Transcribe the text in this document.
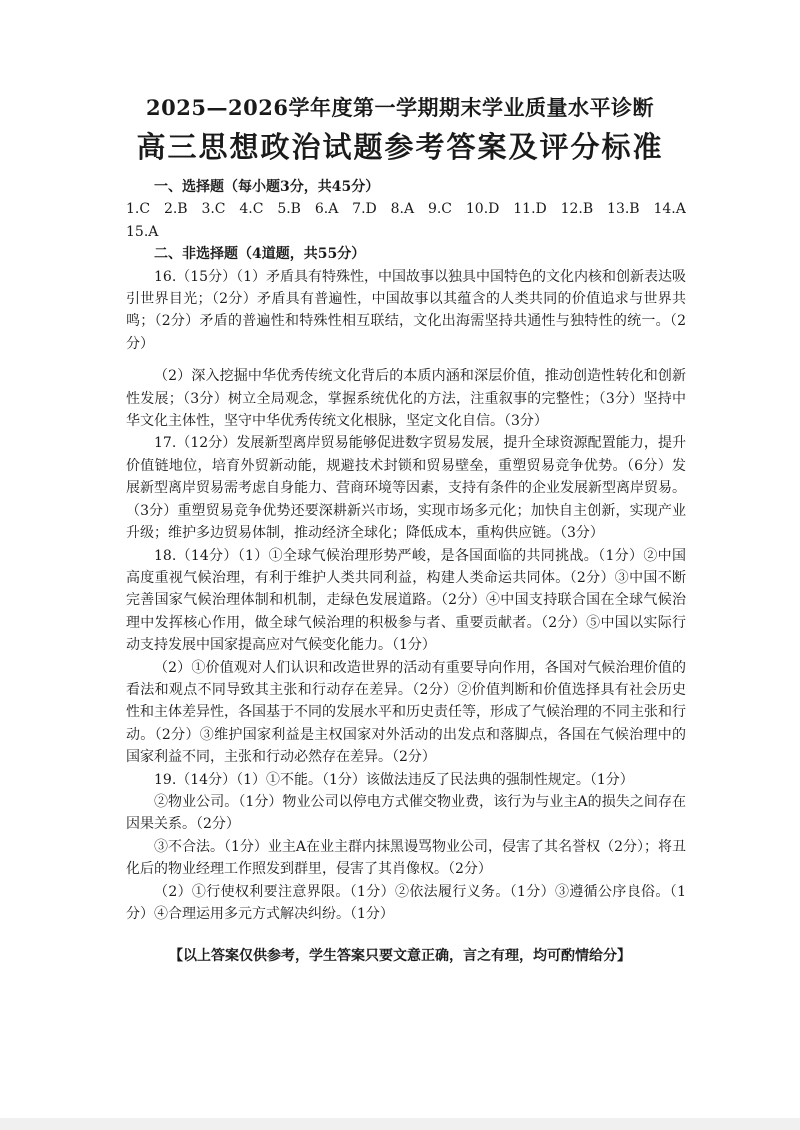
2025—2026学年度第一学期期末学业质量水平诊断
高三思想政治试题参考答案及评分标准

一、选择题（每小题3分，共45分）

1.C 2.B 3.C 4.C 5.B 6.A 7.D 8.A 9.C 10.D 11.D 12.B 13.B 14.A

15.A

二、非选择题（4道题，共55分）

16.（15分）（1）矛盾具有特殊性，中国故事以独具中国特色的文化内核和创新表达吸引世界目光；（2分）矛盾具有普遍性，中国故事以其蕴含的人类共同的价值追求与世界共鸣；（2分）矛盾的普遍性和特殊性相互联结，文化出海需坚持共通性与独特性的统一。（2分）

（2）深入挖掘中华优秀传统文化背后的本质内涵和深层价值，推动创造性转化和创新性发展；（3分）树立全局观念，掌握系统优化的方法，注重叙事的完整性；（3分）坚持中华文化主体性，坚守中华优秀传统文化根脉，坚定文化自信。（3分）

17.（12分）发展新型离岸贸易能够促进数字贸易发展，提升全球资源配置能力，提升价值链地位，培育外贸新动能，规避技术封锁和贸易壁垒，重塑贸易竞争优势。（6分）发展新型离岸贸易需考虑自身能力、营商环境等因素，支持有条件的企业发展新型离岸贸易。（3分）重塑贸易竞争优势还要深耕新兴市场，实现市场多元化；加快自主创新，实现产业升级；维护多边贸易体制，推动经济全球化；降低成本，重构供应链。（3分）

18.（14分）（1）①全球气候治理形势严峻，是各国面临的共同挑战。（1分）②中国高度重视气候治理，有利于维护人类共同利益，构建人类命运共同体。（2分）③中国不断完善国家气候治理体制和机制，走绿色发展道路。（2分）④中国支持联合国在全球气候治理中发挥核心作用，做全球气候治理的积极参与者、重要贡献者。（2分）⑤中国以实际行动支持发展中国家提高应对气候变化能力。（1分）

（2）①价值观对人们认识和改造世界的活动有重要导向作用，各国对气候治理价值的看法和观点不同导致其主张和行动存在差异。（2分）②价值判断和价值选择具有社会历史性和主体差异性，各国基于不同的发展水平和历史责任等，形成了气候治理的不同主张和行动。（2分）③维护国家利益是主权国家对外活动的出发点和落脚点，各国在气候治理中的国家利益不同，主张和行动必然存在差异。（2分）

19.（14分）（1）①不能。（1分）该做法违反了民法典的强制性规定。（1分）

②物业公司。（1分）物业公司以停电方式催交物业费，该行为与业主A的损失之间存在因果关系。（2分）

③不合法。（1分）业主A在业主群内抹黑谩骂物业公司，侵害了其名誉权（2分）；将丑化后的物业经理工作照发到群里，侵害了其肖像权。（2分）

（2）①行使权利要注意界限。（1分）②依法履行义务。（1分）③遵循公序良俗。（1分）④合理运用多元方式解决纠纷。（1分）

【以上答案仅供参考，学生答案只要文意正确，言之有理，均可酌情给分】
